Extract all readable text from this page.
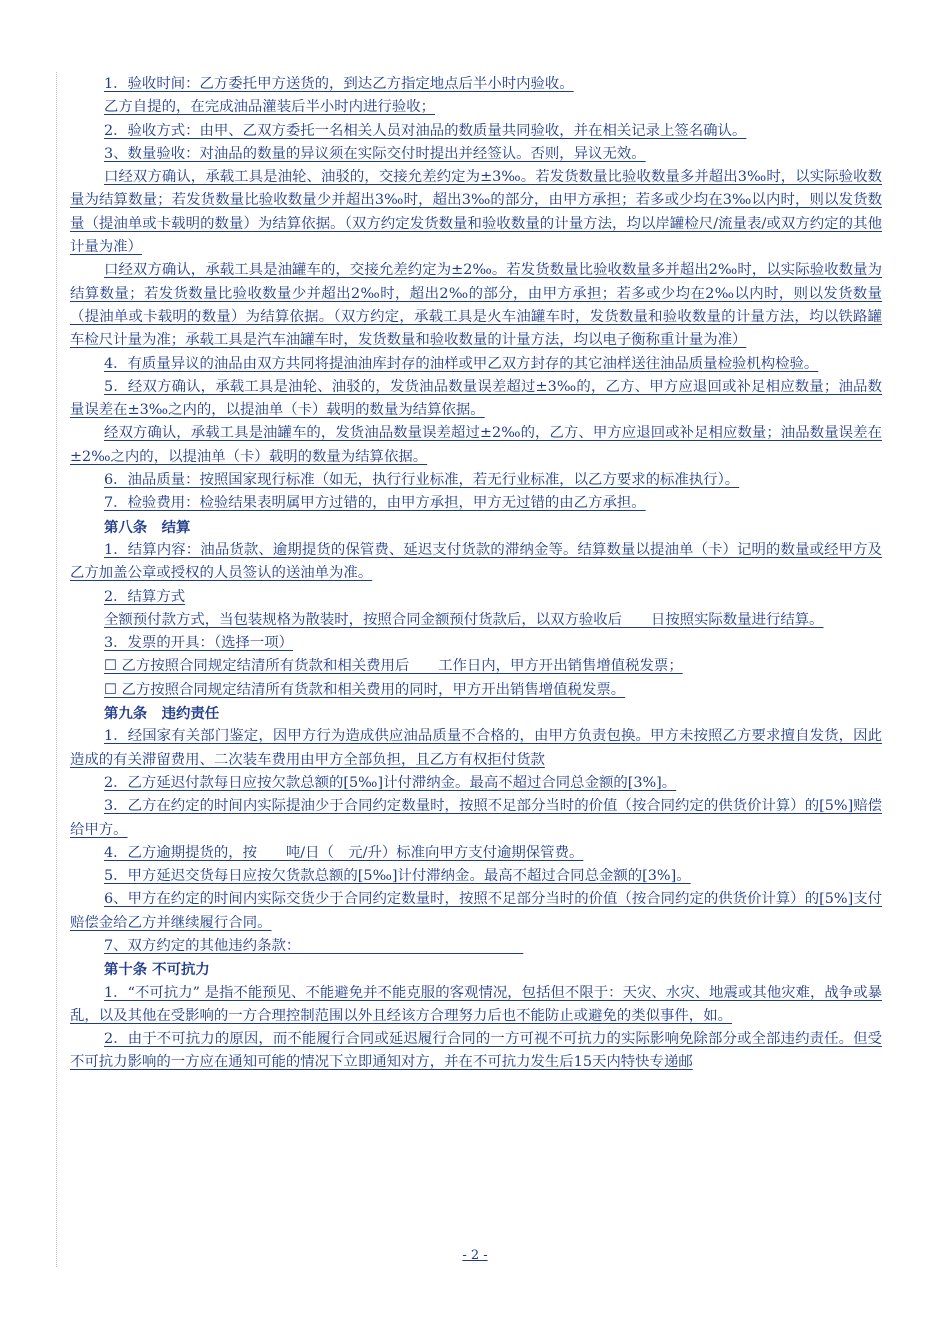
1．验收时间：乙方委托甲方送货的，到达乙方指定地点后半小时内验收。

乙方自提的，在完成油品灌装后半小时内进行验收；

2．验收方式：由甲、乙双方委托一名相关人员对油品的数质量共同验收，并在相关记录上签名确认。

3、数量验收：对油品的数量的异议须在实际交付时提出并经签认。否则，异议无效。

口经双方确认，承载工具是油轮、油驳的，交接允差约定为±3‰。若发货数量比验收数量多并超出3‰时，以实际验收数量为结算数量；若发货数量比验收数量少并超出3‰时，超出3‰的部分，由甲方承担；若多或少均在3‰以内时，则以发货数量（提油单或卡载明的数量）为结算依据。（双方约定发货数量和验收数量的计量方法，均以岸罐检尺/流量表/或双方约定的其他计量为准）

口经双方确认，承载工具是油罐车的，交接允差约定为±2‰。若发货数量比验收数量多并超出2‰时，以实际验收数量为结算数量；若发货数量比验收数量少并超出2‰时，超出2‰的部分，由甲方承担；若多或少均在2‰以内时，则以发货数量（提油单或卡载明的数量）为结算依据。（双方约定，承载工具是火车油罐车时，发货数量和验收数量的计量方法，均以铁路罐车检尺计量为准；承载工具是汽车油罐车时，发货数量和验收数量的计量方法，均以电子衡称重计量为准）

4．有质量异议的油品由双方共同将提油油库封存的油样或甲乙双方封存的其它油样送往油品质量检验机构检验。

5．经双方确认，承载工具是油轮、油驳的，发货油品数量误差超过±3‰的，乙方、甲方应退回或补足相应数量；油品数量误差在±3‰之内的，以提油单（卡）载明的数量为结算依据。

经双方确认，承载工具是油罐车的，发货油品数量误差超过±2‰的，乙方、甲方应退回或补足相应数量；油品数量误差在±2‰之内的，以提油单（卡）载明的数量为结算依据。

6．油品质量：按照国家现行标准（如无，执行行业标准，若无行业标准，以乙方要求的标准执行）。

7．检验费用：检验结果表明属甲方过错的，由甲方承担，甲方无过错的由乙方承担。

第八条　结算

1．结算内容：油品货款、逾期提货的保管费、延迟支付货款的滞纳金等。结算数量以提油单（卡）记明的数量或经甲方及乙方加盖公章或授权的人员签认的送油单为准。

2．结算方式

全额预付款方式，当包装规格为散装时，按照合同金额预付货款后，以双方验收后　　日按照实际数量进行结算。

3．发票的开具：（选择一项）

☐ 乙方按照合同规定结清所有货款和相关费用后　　工作日内，甲方开出销售增值税发票；

☐ 乙方按照合同规定结清所有货款和相关费用的同时，甲方开出销售增值税发票。

第九条　违约责任

1．经国家有关部门鉴定，因甲方行为造成供应油品质量不合格的，由甲方负责包换。甲方未按照乙方要求擅自发货，因此造成的有关滞留费用、二次装车费用由甲方全部负担，且乙方有权拒付货款

2．乙方延迟付款每日应按欠款总额的[5‰]计付滞纳金。最高不超过合同总金额的[3%]。

3．乙方在约定的时间内实际提油少于合同约定数量时，按照不足部分当时的价值（按合同约定的供货价计算）的[5%]赔偿给甲方。

4．乙方逾期提货的，按　　吨/日（　元/升）标准向甲方支付逾期保管费。

5．甲方延迟交货每日应按欠货款总额的[5‰]计付滞纳金。最高不超过合同总金额的[3%]。

6、甲方在约定的时间内实际交货少于合同约定数量时，按照不足部分当时的价值（按合同约定的供货价计算）的[5%]支付赔偿金给乙方并继续履行合同。

7、双方约定的其他违约条款：　　　　　　　　　　　　　　　　

第十条 不可抗力

1．“不可抗力” 是指不能预见、不能避免并不能克服的客观情况，包括但不限于：天灾、水灾、地震或其他灾难，战争或暴乱，以及其他在受影响的一方合理控制范围以外且经该方合理努力后也不能防止或避免的类似事件，如。

2．由于不可抗力的原因，而不能履行合同或延迟履行合同的一方可视不可抗力的实际影响免除部分或全部违约责任。但受不可抗力影响的一方应在通知可能的情况下立即通知对方，并在不可抗力发生后15天内特快专递邮

- 2 -
